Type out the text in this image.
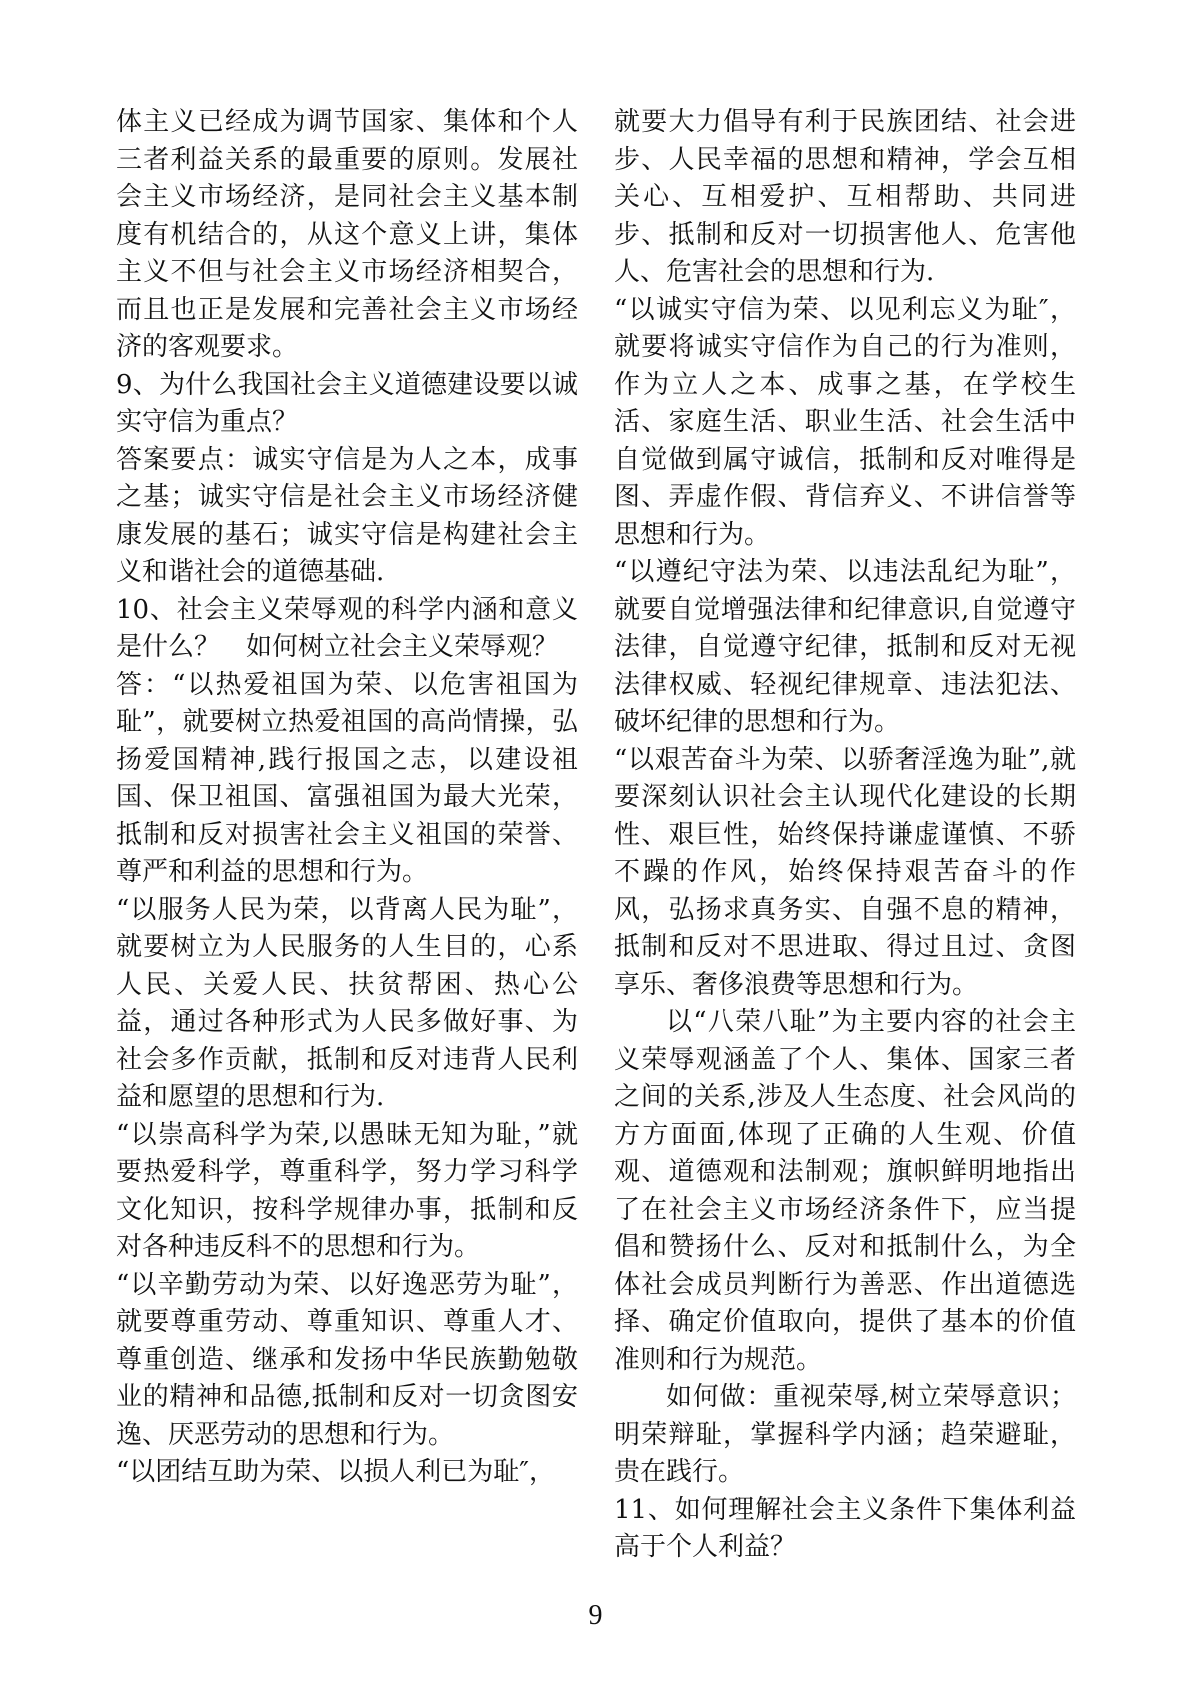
体主义已经成为调节国家、集体和个人三者利益关系的最重要的原则。发展社会主义市场经济，是同社会主义基本制度有机结合的，从这个意义上讲，集体主义不但与社会主义市场经济相契合，而且也正是发展和完善社会主义市场经济的客观要求。

9、为什么我国社会主义道德建设要以诚实守信为重点？

答案要点：诚实守信是为人之本，成事之基；诚实守信是社会主义市场经济健康发展的基石；诚实守信是构建社会主义和谐社会的道德基础.

10、社会主义荣辱观的科学内涵和意义是什么？　如何树立社会主义荣辱观？

答：“以热爱祖国为荣、以危害祖国为耻”，就要树立热爱祖国的高尚情操，弘扬爱国精神,践行报国之志，以建设祖国、保卫祖国、富强祖国为最大光荣，抵制和反对损害社会主义祖国的荣誉、尊严和利益的思想和行为。

“以服务人民为荣，以背离人民为耻”，就要树立为人民服务的人生目的，心系人民、关爱人民、扶贫帮困、热心公益，通过各种形式为人民多做好事、为社会多作贡献，抵制和反对违背人民利益和愿望的思想和行为.

“以崇高科学为荣,以愚昧无知为耻，”就要热爱科学，尊重科学，努力学习科学文化知识，按科学规律办事，抵制和反对各种违反科不的思想和行为。

“以辛勤劳动为荣、以好逸恶劳为耻”，就要尊重劳动、尊重知识、尊重人才、尊重创造、继承和发扬中华民族勤勉敬业的精神和品德,抵制和反对一切贪图安逸、厌恶劳动的思想和行为。

“以团结互助为荣、以损人利已为耻″，

就要大力倡导有利于民族团结、社会进步、人民幸福的思想和精神，学会互相关心、互相爱护、互相帮助、共同进步、抵制和反对一切损害他人、危害他人、危害社会的思想和行为.

“以诚实守信为荣、以见利忘义为耻″，就要将诚实守信作为自己的行为准则，作为立人之本、成事之基，在学校生活、家庭生活、职业生活、社会生活中自觉做到属守诚信，抵制和反对唯得是图、弄虚作假、背信弃义、不讲信誉等思想和行为。

“以遵纪守法为荣、以违法乱纪为耻”，就要自觉增强法律和纪律意识,自觉遵守法律，自觉遵守纪律，抵制和反对无视法律权威、轻视纪律规章、违法犯法、破坏纪律的思想和行为。

“以艰苦奋斗为荣、以骄奢淫逸为耻”,就要深刻认识社会主认现代化建设的长期性、艰巨性，始终保持谦虚谨慎、不骄不躁的作风，始终保持艰苦奋斗的作风，弘扬求真务实、自强不息的精神，抵制和反对不思进取、得过且过、贪图享乐、奢侈浪费等思想和行为。

以“八荣八耻”为主要内容的社会主义荣辱观涵盖了个人、集体、国家三者之间的关系,涉及人生态度、社会风尚的方方面面,体现了正确的人生观、价值观、道德观和法制观；旗帜鲜明地指出了在社会主义市场经济条件下，应当提倡和赞扬什么、反对和抵制什么，为全体社会成员判断行为善恶、作出道德选择、确定价值取向，提供了基本的价值准则和行为规范。

如何做：重视荣辱,树立荣辱意识；明荣辩耻，掌握科学内涵；趋荣避耻，贵在践行。

11、如何理解社会主义条件下集体利益高于个人利益？

9
